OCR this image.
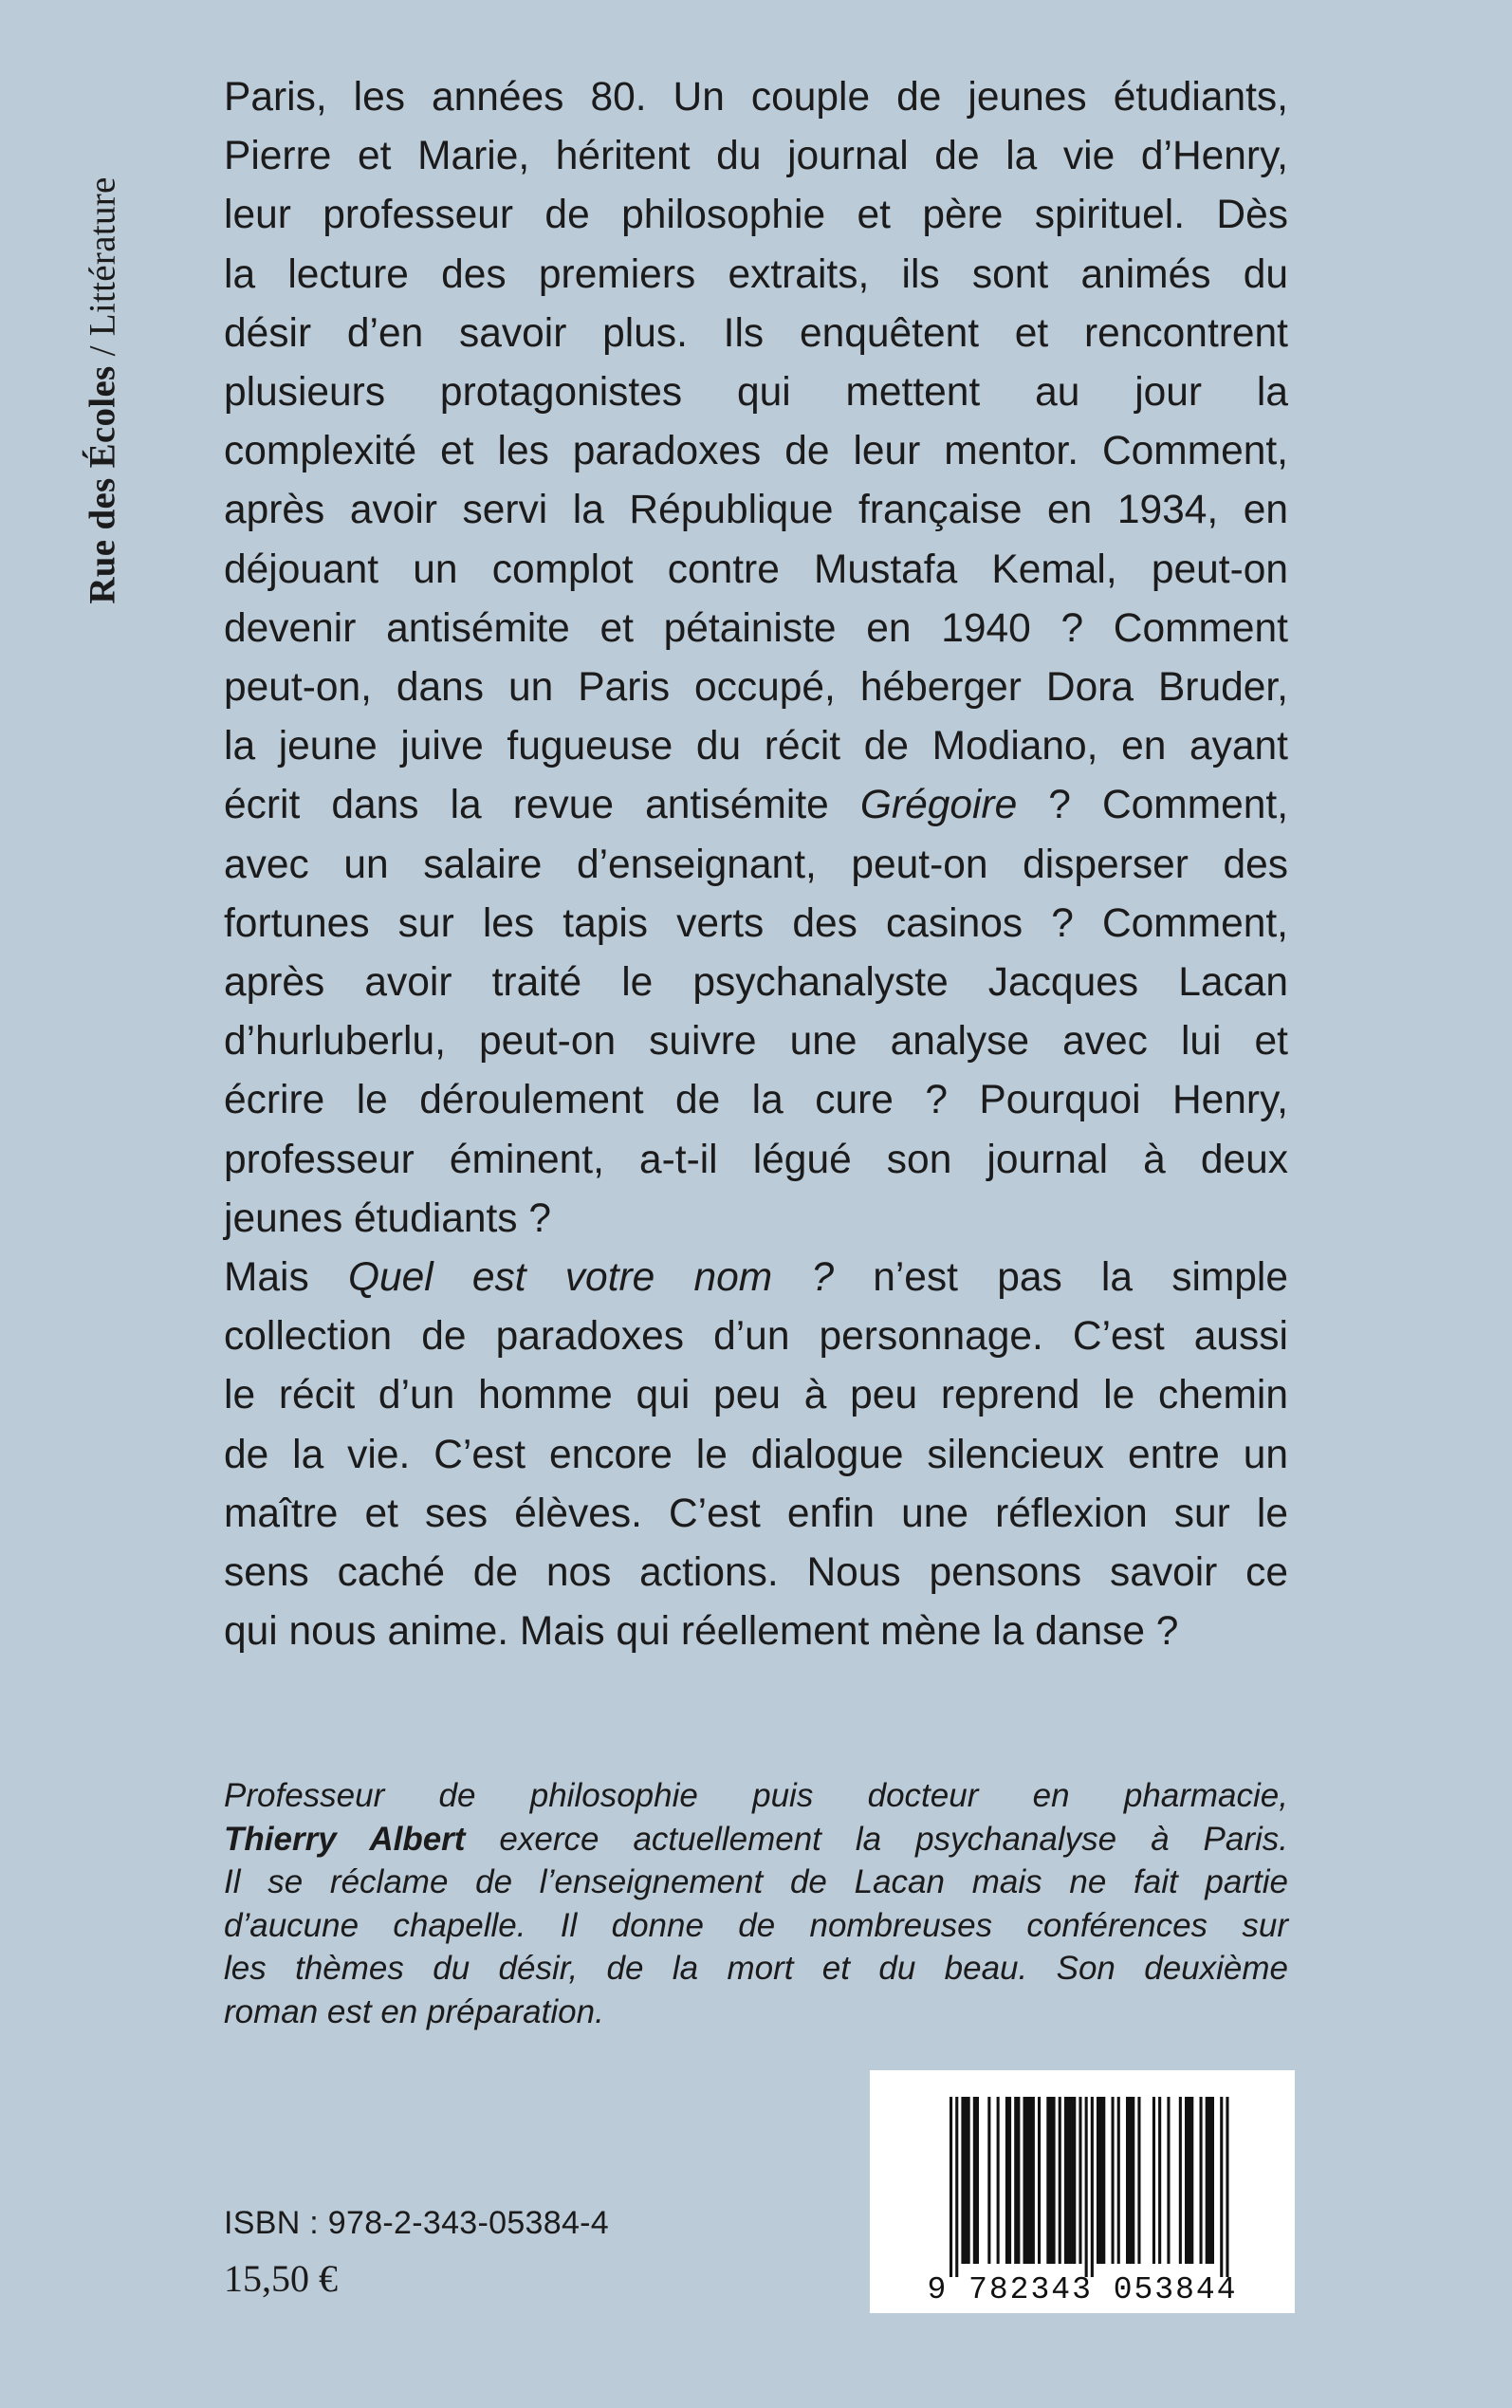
Rue des Écoles / Littérature
Paris, les années 80. Un couple de jeunes étudiants,
Pierre et Marie, héritent du journal de la vie d’Henry,
leur professeur de philosophie et père spirituel. Dès
la lecture des premiers extraits, ils sont animés du
désir d’en savoir plus. Ils enquêtent et rencontrent
plusieurs protagonistes qui mettent au jour la
complexité et les paradoxes de leur mentor. Comment,
après avoir servi la République française en 1934, en
déjouant un complot contre Mustafa Kemal, peut-on
devenir antisémite et pétainiste en 1940 ? Comment
peut-on, dans un Paris occupé, héberger Dora Bruder,
la jeune juive fugueuse du récit de Modiano, en ayant
écrit dans la revue antisémite Grégoire ? Comment,
avec un salaire d’enseignant, peut-on disperser des
fortunes sur les tapis verts des casinos ? Comment,
après avoir traité le psychanalyste Jacques Lacan
d’hurluberlu, peut-on suivre une analyse avec lui et
écrire le déroulement de la cure ? Pourquoi Henry,
professeur éminent, a-t-il légué son journal à deux
jeunes étudiants ?
Mais Quel est votre nom ? n’est pas la simple
collection de paradoxes d’un personnage. C’est aussi
le récit d’un homme qui peu à peu reprend le chemin
de la vie. C’est encore le dialogue silencieux entre un
maître et ses élèves. C’est enfin une réflexion sur le
sens caché de nos actions. Nous pensons savoir ce
qui nous anime. Mais qui réellement mène la danse ?
Professeur de philosophie puis docteur en pharmacie,
Thierry Albert exerce actuellement la psychanalyse à Paris.
Il se réclame de l’enseignement de Lacan mais ne fait partie
d’aucune chapelle. Il donne de nombreuses conférences sur
les thèmes du désir, de la mort et du beau. Son deuxième
roman est en préparation.
ISBN : 978-2-343-05384-4
15,50 €	9 782343 053844
